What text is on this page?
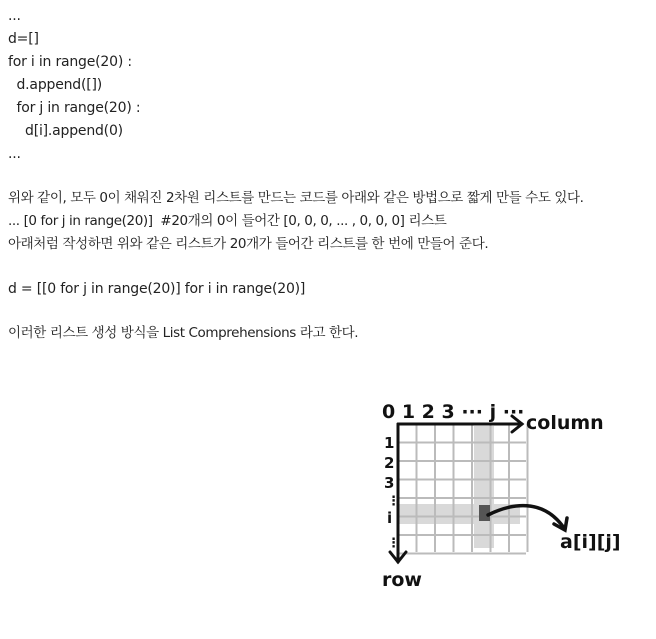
...
d=[]
for i in range(20) :
d.append([])
for j in range(20) :
d[i].append(0)
...
위와 같이, 모두 0이 채워진 2차원 리스트를 만드는 코드를 아래와 같은 방법으로 짧게 만들 수도 있다.
... [0 for j in range(20)]  #20개의 0이 들어간 [0, 0, 0, ... , 0, 0, 0] 리스트
아래처럼 작성하면 위와 같은 리스트가 20개가 들어간 리스트를 한 번에 만들어 준다.
d = [[0 for j in range(20)] for i in range(20)]
이러한 리스트 생성 방식을 List Comprehensions 라고 한다.
0 1 2 3 ··· j ··· column
1
2
3
⋮
i
⋮
row
a[i][j]
